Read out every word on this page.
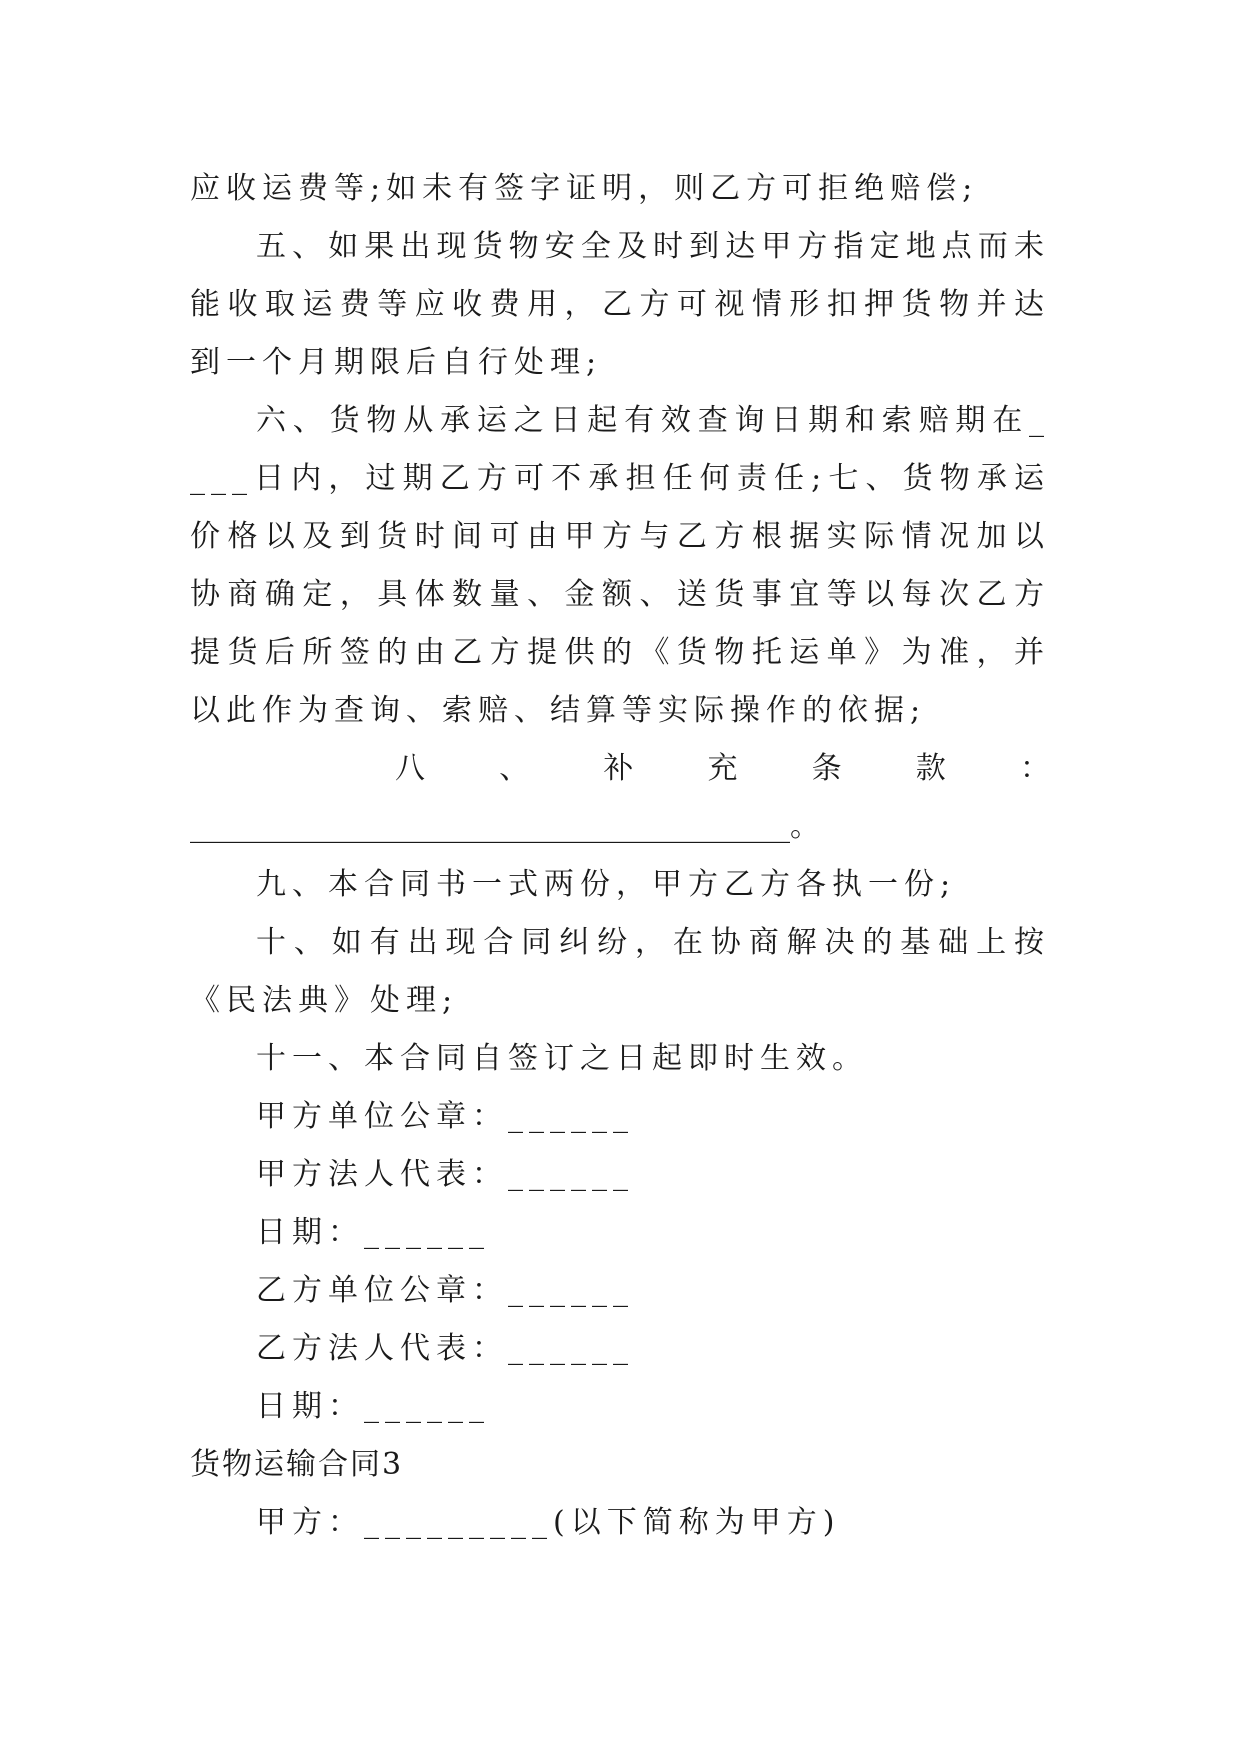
应收运费等;如未有签字证明，则乙方可拒绝赔偿;

五、如果出现货物安全及时到达甲方指定地点而未能收取运费等应收费用，乙方可视情形扣押货物并达到一个月期限后自行处理;

六、货物从承运之日起有效查询日期和索赔期在____日内，过期乙方可不承担任何责任;七、货物承运价格以及到货时间可由甲方与乙方根据实际情况加以协商确定，具体数量、金额、送货事宜等以每次乙方提货后所签的由乙方提供的《货物托运单》为准，并以此作为查询、索赔、结算等实际操作的依据;

八 、 补 充 条 款 ：
________________________________________。

九、本合同书一式两份，甲方乙方各执一份;

十、如有出现合同纠纷，在协商解决的基础上按《民法典》处理;

十一、本合同自签订之日起即时生效。

甲方单位公章：______

甲方法人代表：______

日期：______

乙方单位公章：______

乙方法人代表：______

日期：______

货物运输合同3

甲方：_________(以下简称为甲方)
